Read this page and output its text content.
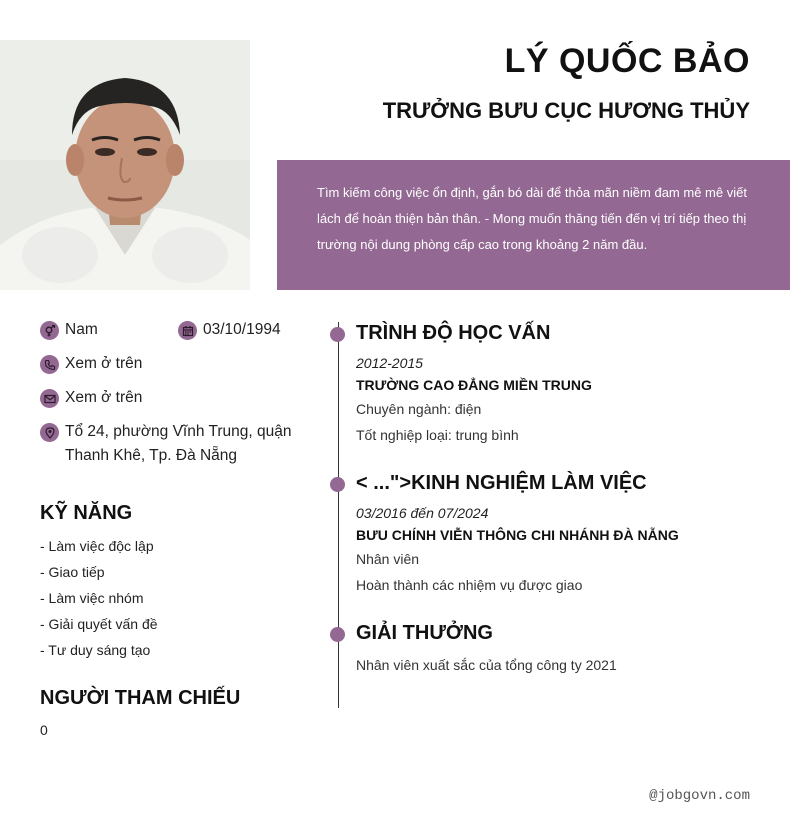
LÝ QUỐC BẢO
TRƯỞNG BƯU CỤC HƯƠNG THỦY

Tìm kiếm công việc ổn định, gắn bó dài để thỏa mãn niềm đam mê mê viết lách để hoàn thiện bản thân. - Mong muốn thăng tiến đến vị trí tiếp theo thị trường nội dung phòng cấp cao trong khoảng 2 năm đầu.

Nam	03/10/1994
Xem ở trên
Xem ở trên
Tổ 24, phường Vĩnh Trung, quận Thanh Khê, Tp. Đà Nẵng
KỸ NĂNG
- Làm việc độc lập
- Giao tiếp
- Làm việc nhóm
- Giải quyết vấn đề
- Tư duy sáng tạo
NGƯỜI THAM CHIẾU
0
TRÌNH ĐỘ HỌC VẤN
2012-2015
TRƯỜNG CAO ĐẲNG MIỀN TRUNG
Chuyên ngành: điện
Tốt nghiệp loại: trung bình
< ...">KINH NGHIỆM LÀM VIỆC
03/2016 đến 07/2024
BƯU CHÍNH VIỄN THÔNG CHI NHÁNH ĐÀ NẴNG
Nhân viên
Hoàn thành các nhiệm vụ được giao
GIẢI THƯỞNG
Nhân viên xuất sắc của tổng công ty 2021
@jobgovn.com
